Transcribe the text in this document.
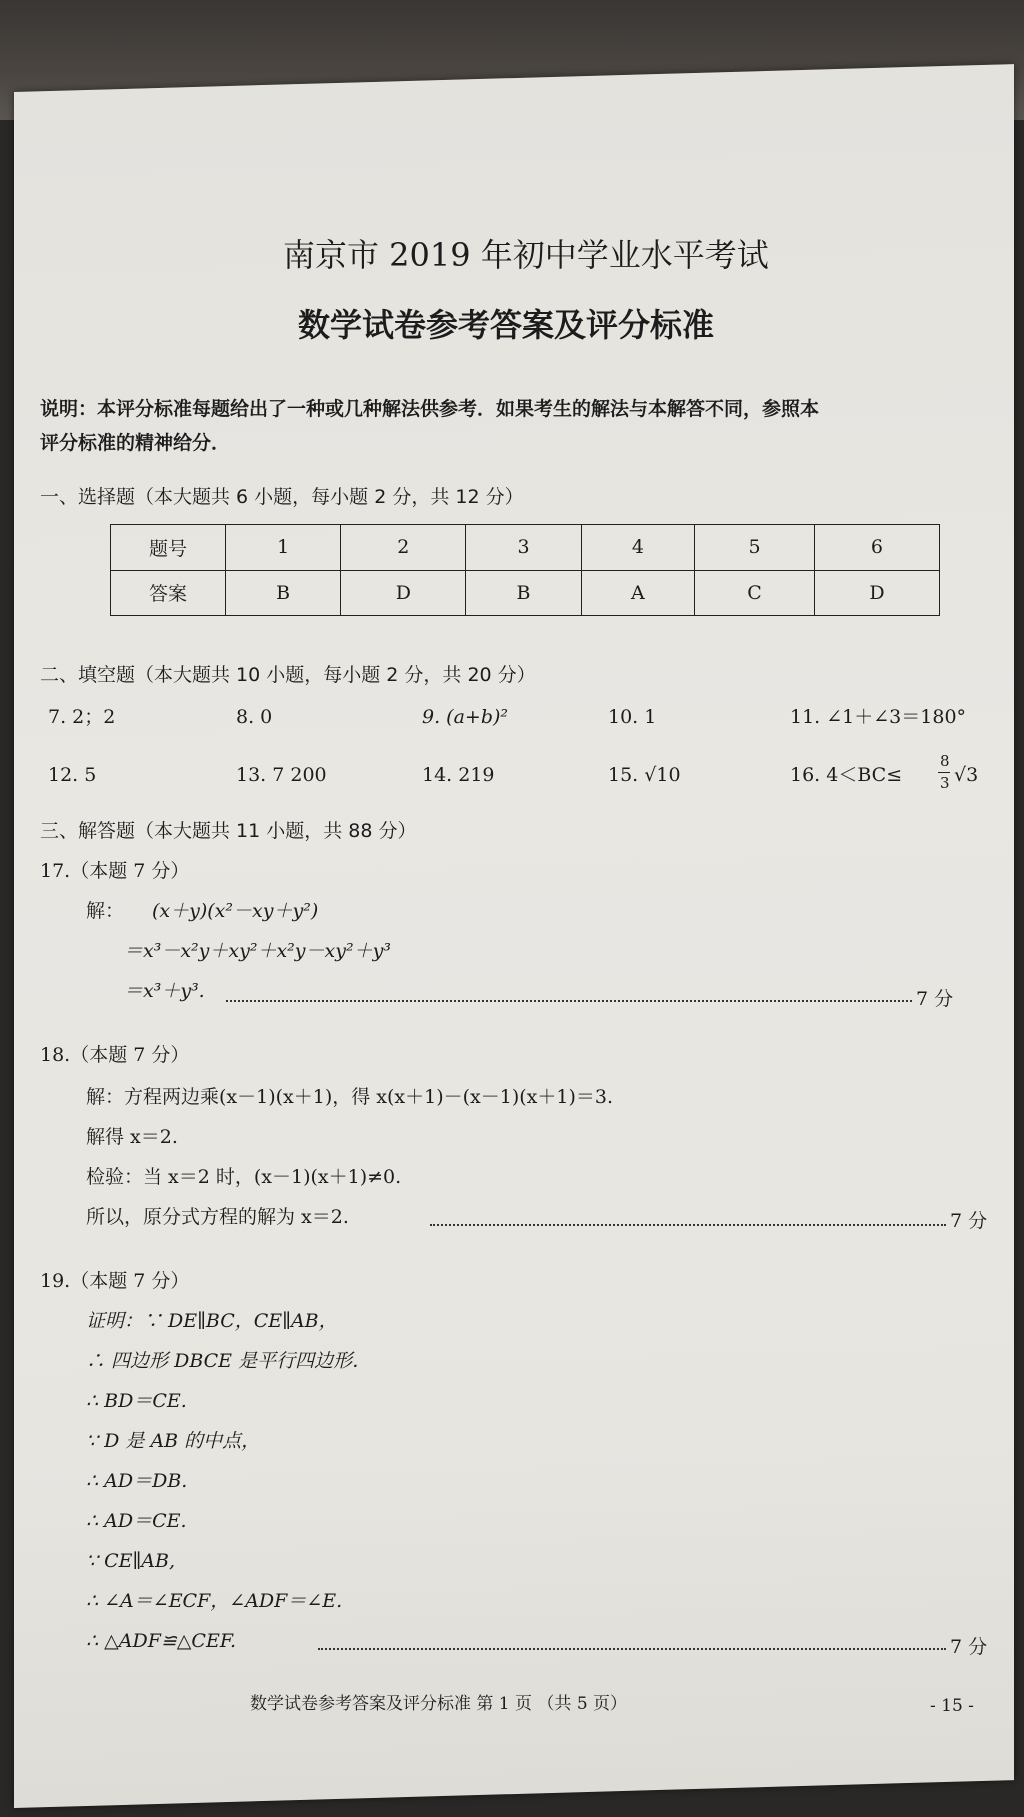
南京市 2019 年初中学业水平考试
数学试卷参考答案及评分标准
说明：本评分标准每题给出了一种或几种解法供参考．如果考生的解法与本解答不同，参照本
评分标准的精神给分．
一、选择题（本大题共 6 小题，每小题 2 分，共 12 分）
题号	1	2	3	4	5	6
答案	B	D	B	A	C	D
二、填空题（本大题共 10 小题，每小题 2 分，共 20 分）
7. 2；2	8. 0	9. (a+b)²	10. 1	11. ∠1＋∠3＝180°
12. 5	13. 7 200	14. 219	15. √10	16. 4＜BC≤
8
3 √3
三、解答题（本大题共 11 小题，共 88 分）
17.（本题 7 分）
解： (x＋y)(x²－xy＋y²)
＝x³－x²y＋xy²＋x²y－xy²＋y³
＝x³＋y³.	7 分
18.（本题 7 分）
解：方程两边乘(x－1)(x＋1)，得 x(x＋1)－(x－1)(x＋1)＝3.
解得 x＝2.
检验：当 x＝2 时，(x－1)(x＋1)≠0.
所以，原分式方程的解为 x＝2.	7 分
19.（本题 7 分）
证明：∵ DE∥BC，CE∥AB，
∴ 四边形 DBCE 是平行四边形．
∴ BD＝CE.
∵ D 是 AB 的中点，
∴ AD＝DB.
∴ AD＝CE.
∵ CE∥AB,
∴ ∠A＝∠ECF，∠ADF＝∠E.
∴ △ADF≌△CEF.	7 分
数学试卷参考答案及评分标准 第 1 页 （共 5 页）	- 15 -
